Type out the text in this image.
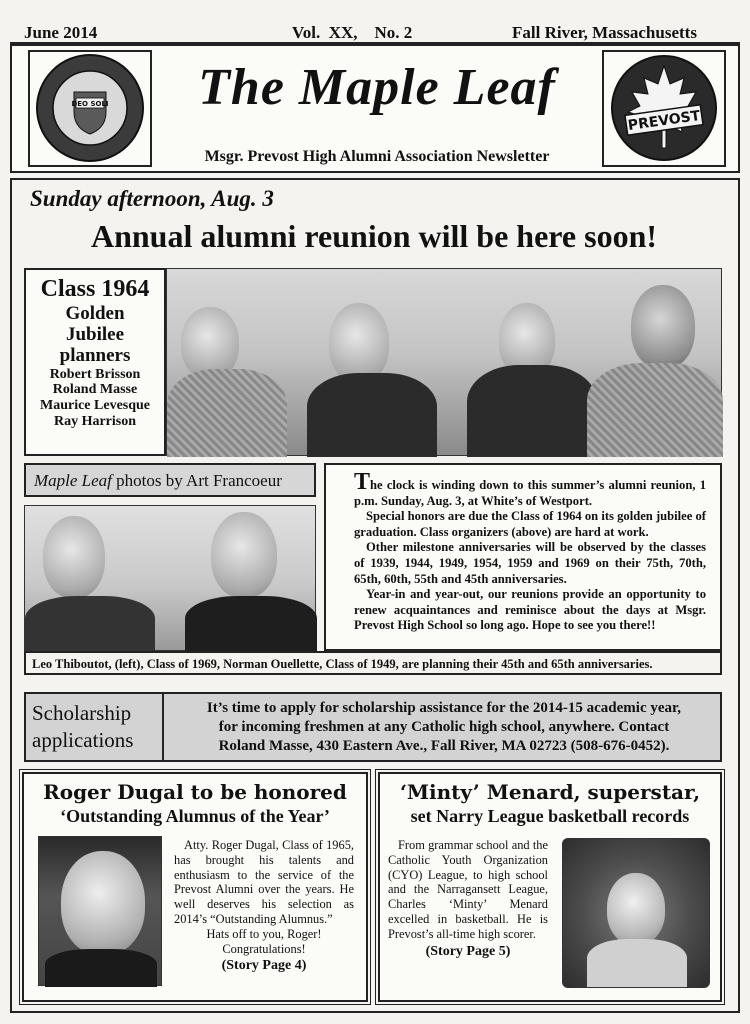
June 2014	Vol.  XX,    No. 2	Fall River, Massachusetts
DEO SOLI	The Maple Leaf
Msgr. Prevost High Alumni Association Newsletter
PREVOST
Sunday afternoon, Aug. 3
Annual alumni reunion will be here soon!
Class 1964
Golden
Jubilee
planners
Robert Brisson
Roland Masse
Maurice Levesque
Ray Harrison
Maple Leaf photos by Art Francoeur	The clock is winding down to this summer’s alumni reunion, 1 p.m. Sunday, Aug. 3, at White’s of Westport.

Special honors are due the Class of 1964 on its golden jubilee of graduation. Class organizers (above) are hard at work.

Other milestone anniversaries will be observed by the classes of 1939, 1944, 1949, 1954, 1959 and 1969 on their 75th, 70th, 65th, 60th, 55th and 45th anniversaries.

Year-in and year-out, our reunions provide an opportunity to renew acquaintances and reminisce about the days at Msgr. Prevost High School so long ago. Hope to see you there!!

Leo Thiboutot, (left), Class of 1969, Norman Ouellette, Class of 1949, are planning their 45th and 65th anniversaries.
Scholarship
applications
It’s time to apply for scholarship assistance for the 2014-15 academic year,
for incoming freshmen at any Catholic high school, anywhere. Contact
Roland Masse, 430 Eastern Ave., Fall River, MA 02723 (508-676-0452).
Roger Dugal to be honored
‘Outstanding Alumnus of the Year’

Atty. Roger Dugal, Class of 1965, has brought his talents and enthusiasm to the service of the Prevost Alumni over the years. He well deserves his selection as 2014’s “Outstanding Alumnus.”

Hats off to you, Roger!

Congratulations!

(Story Page 4)

‘Minty’ Menard, superstar,
set Narry League basketball records

From grammar school and the Catholic Youth Organization (CYO) League, to high school and the Narragansett League, Charles ‘Minty’ Menard excelled in basketball. He is Prevost’s all-time high scorer.

(Story Page 5)
